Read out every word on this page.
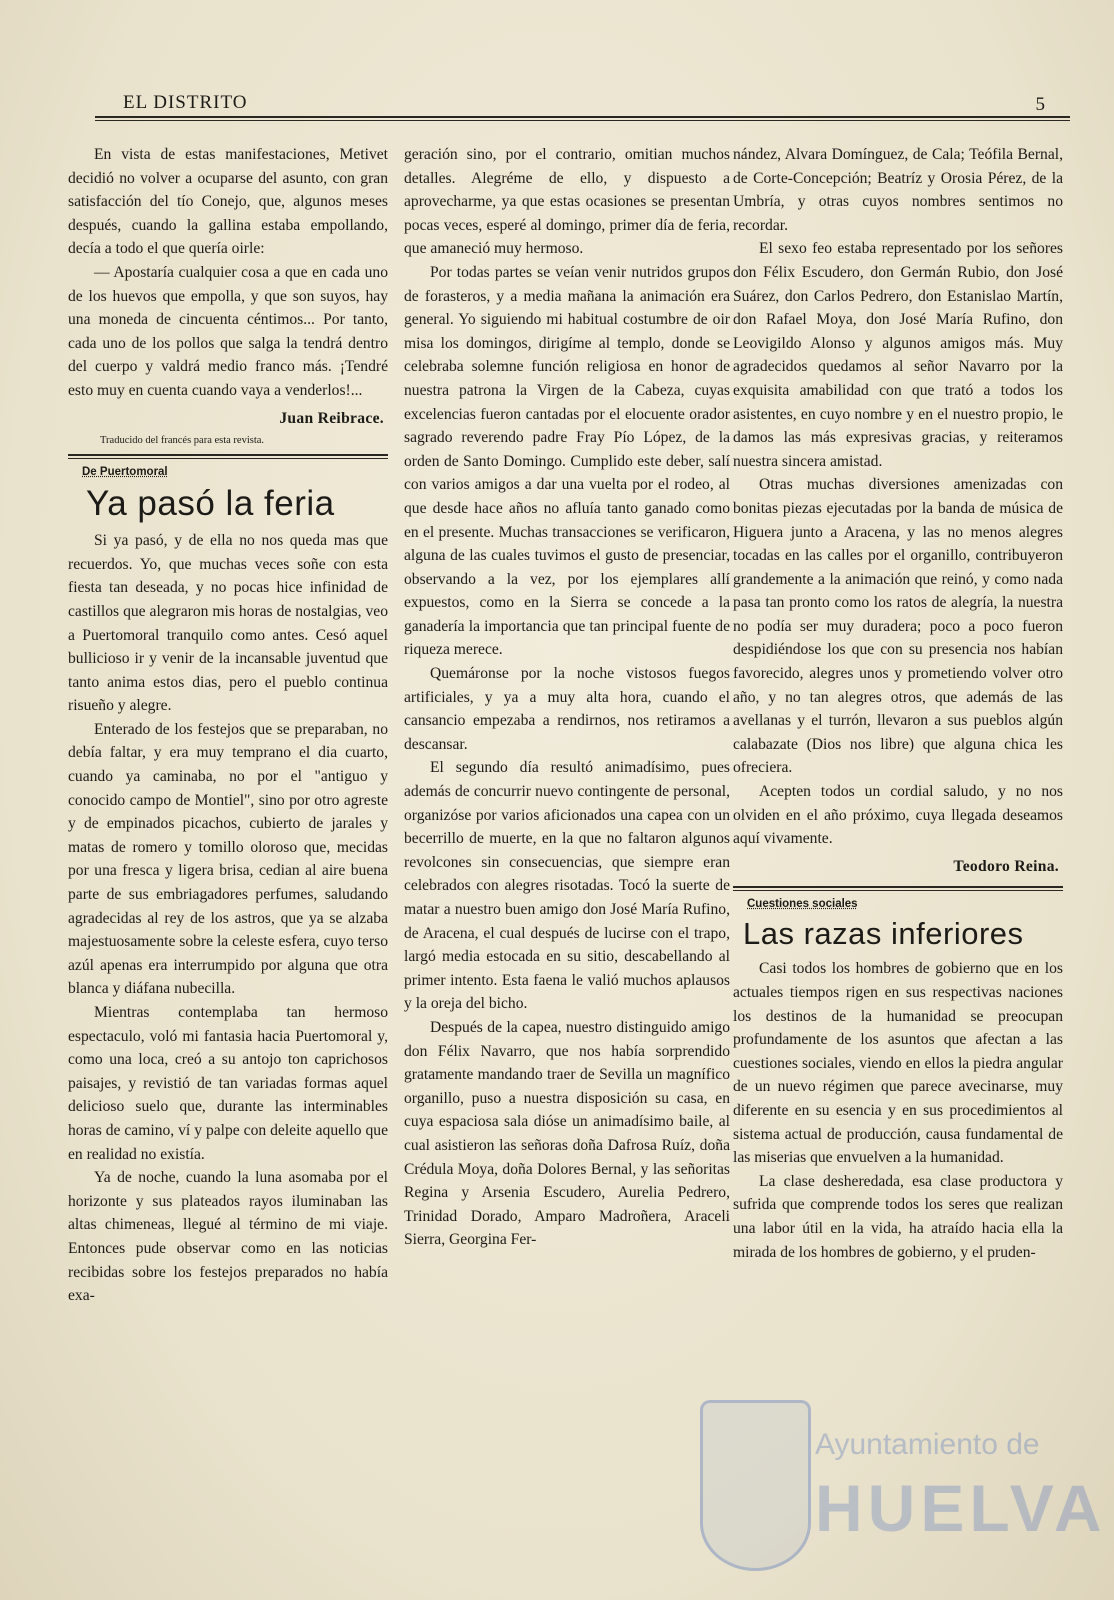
EL DISTRITO	5

En vista de estas manifestaciones, Metivet decidió no volver a ocuparse del asunto, con gran satisfacción del tío Conejo, que, algunos meses después, cuando la gallina estaba empollando, decía a todo el que quería oirle:

— Apostaría cualquier cosa a que en cada uno de los huevos que empolla, y que son suyos, hay una moneda de cincuenta céntimos... Por tanto, cada uno de los pollos que salga la tendrá dentro del cuerpo y valdrá medio franco más. ¡Tendré esto muy en cuenta cuando vaya a venderlos!...

Juan Reibrace.
Traducido del francés para esta revista.
De Puertomoral
Ya pasó la feria

Si ya pasó, y de ella no nos queda mas que recuerdos. Yo, que muchas veces soñe con esta fiesta tan deseada, y no pocas hice infinidad de castillos que alegraron mis horas de nostalgias, veo a Puertomoral tranquilo como antes. Cesó aquel bullicioso ir y venir de la incansable juventud que tanto anima estos dias, pero el pueblo continua risueño y alegre.

Enterado de los festejos que se preparaban, no debía faltar, y era muy temprano el dia cuarto, cuando ya caminaba, no por el "antiguo y conocido campo de Montiel", sino por otro agreste y de empinados picachos, cubierto de jarales y matas de romero y tomillo oloroso que, mecidas por una fresca y ligera brisa, cedian al aire buena parte de sus embriagadores perfumes, saludando agradecidas al rey de los astros, que ya se alzaba majestuosamente sobre la celeste esfera, cuyo terso azúl apenas era interrumpido por alguna que otra blanca y diáfana nubecilla.

Mientras contemplaba tan hermoso espectaculo, voló mi fantasia hacia Puertomoral y, como una loca, creó a su antojo ton caprichosos paisajes, y revistió de tan variadas formas aquel delicioso suelo que, durante las interminables horas de camino, ví y palpe con deleite aquello que en realidad no existía.

Ya de noche, cuando la luna asomaba por el horizonte y sus plateados rayos iluminaban las altas chimeneas, llegué al término de mi viaje. Entonces pude observar como en las noticias recibidas sobre los festejos preparados no había exa-

geración sino, por el contrario, omitian muchos detalles. Alegréme de ello, y dispuesto a aprovecharme, ya que estas ocasiones se presentan pocas veces, esperé al domingo, primer día de feria, que amaneció muy hermoso.

Por todas partes se veían venir nutridos grupos de forasteros, y a media mañana la animación era general. Yo siguiendo mi habitual costumbre de oir misa los domingos, dirigíme al templo, donde se celebraba solemne función religiosa en honor de nuestra patrona la Virgen de la Cabeza, cuyas excelencias fueron cantadas por el elocuente orador sagrado reverendo padre Fray Pío López, de la orden de Santo Domingo. Cumplido este deber, salí con varios amigos a dar una vuelta por el rodeo, al que desde hace años no afluía tanto ganado como en el presente. Muchas transacciones se verificaron, alguna de las cuales tuvimos el gusto de presenciar, observando a la vez, por los ejemplares allí expuestos, como en la Sierra se concede a la ganadería la importancia que tan principal fuente de riqueza merece.

Quemáronse por la noche vistosos fuegos artificiales, y ya a muy alta hora, cuando el cansancio empezaba a rendirnos, nos retiramos a descansar.

El segundo día resultó animadísimo, pues además de concurrir nuevo contingente de personal, organizóse por varios aficionados una capea con un becerrillo de muerte, en la que no faltaron algunos revolcones sin consecuencias, que siempre eran celebrados con alegres risotadas. Tocó la suerte de matar a nuestro buen amigo don José María Rufino, de Aracena, el cual después de lucirse con el trapo, largó media estocada en su sitio, descabellando al primer intento. Esta faena le valió muchos aplausos y la oreja del bicho.

Después de la capea, nuestro distinguido amigo don Félix Navarro, que nos había sorprendido gratamente mandando traer de Sevilla un magnífico organillo, puso a nuestra disposición su casa, en cuya espaciosa sala dióse un animadísimo baile, al cual asistieron las señoras doña Dafrosa Ruíz, doña Crédula Moya, doña Dolores Bernal, y las señoritas Regina y Arsenia Escudero, Aurelia Pedrero, Trinidad Dorado, Amparo Madroñera, Araceli Sierra, Georgina Fer-

nández, Alvara Domínguez, de Cala; Teófila Bernal, de Corte-Concepción; Beatríz y Orosia Pérez, de la Umbría, y otras cuyos nombres sentimos no recordar.

El sexo feo estaba representado por los señores don Félix Escudero, don Germán Rubio, don José Suárez, don Carlos Pedrero, don Estanislao Martín, don Rafael Moya, don José María Rufino, don Leovigildo Alonso y algunos amigos más. Muy agradecidos quedamos al señor Navarro por la exquisita amabilidad con que trató a todos los asistentes, en cuyo nombre y en el nuestro propio, le damos las más expresivas gracias, y reiteramos nuestra sincera amistad.

Otras muchas diversiones amenizadas con bonitas piezas ejecutadas por la banda de música de Higuera junto a Aracena, y las no menos alegres tocadas en las calles por el organillo, contribuyeron grandemente a la animación que reinó, y como nada pasa tan pronto como los ratos de alegría, la nuestra no podía ser muy duradera; poco a poco fueron despidiéndose los que con su presencia nos habían favorecido, alegres unos y prometiendo volver otro año, y no tan alegres otros, que además de las avellanas y el turrón, llevaron a sus pueblos algún calabazate (Dios nos libre) que alguna chica les ofreciera.

Acepten todos un cordial saludo, y no nos olviden en el año próximo, cuya llegada deseamos aquí vivamente.

Teodoro Reina.
Cuestiones sociales
Las razas inferiores

Casi todos los hombres de gobierno que en los actuales tiempos rigen en sus respectivas naciones los destinos de la humanidad se preocupan profundamente de los asuntos que afectan a las cuestiones sociales, viendo en ellos la piedra angular de un nuevo régimen que parece avecinarse, muy diferente en su esencia y en sus procedimientos al sistema actual de producción, causa fundamental de las miserias que envuelven a la humanidad.

La clase desheredada, esa clase productora y sufrida que comprende todos los seres que realizan una labor útil en la vida, ha atraído hacia ella la mirada de los hombres de gobierno, y el pruden-

Ayuntamiento de
HUELVA
